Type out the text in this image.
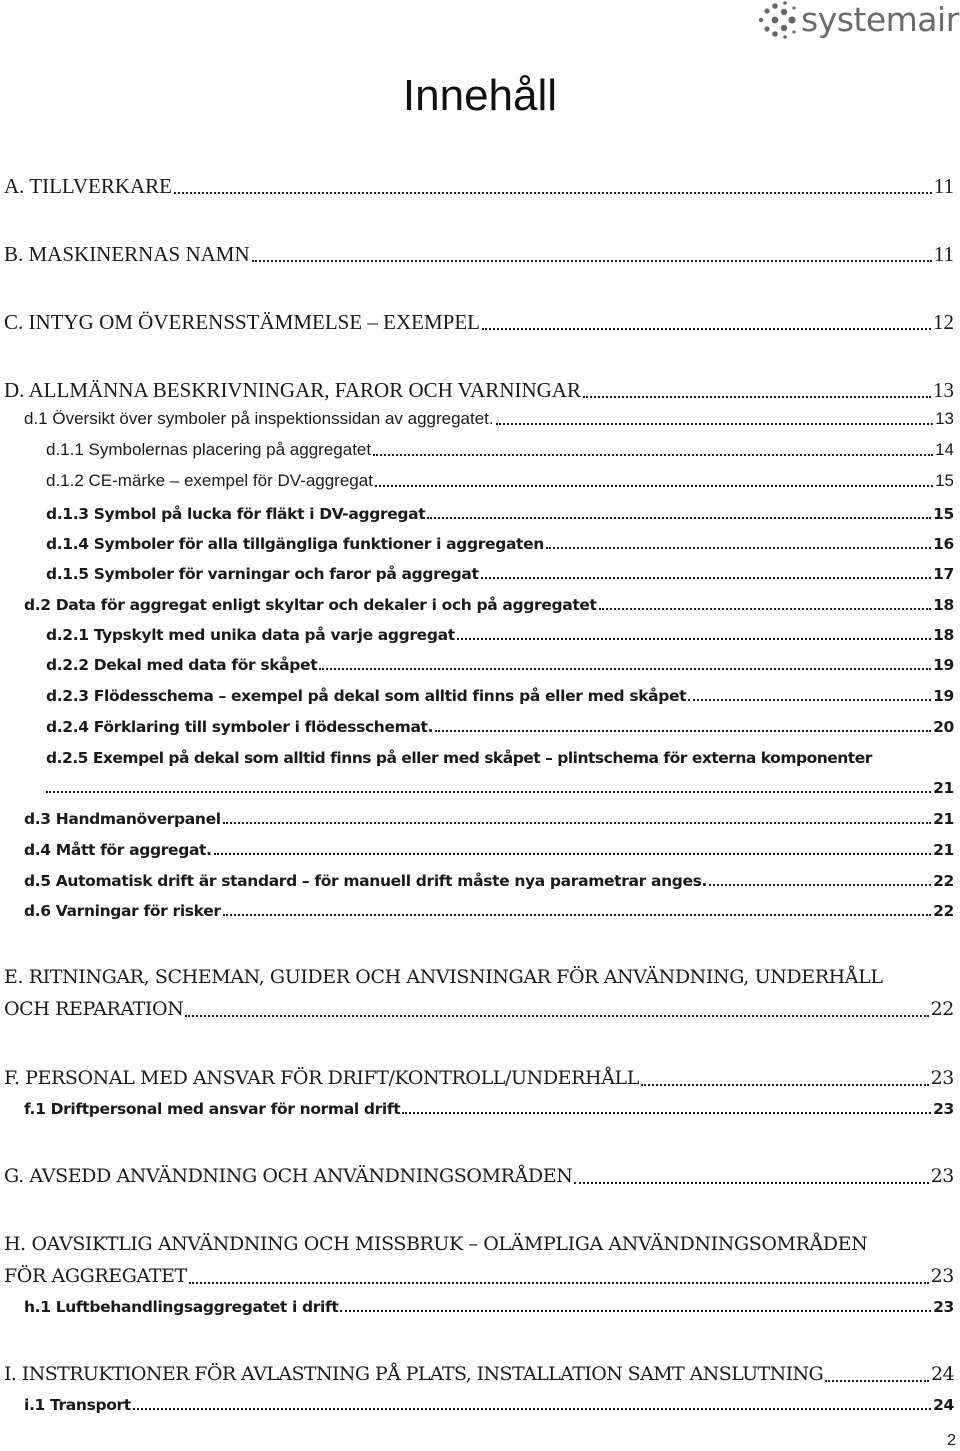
systemair
Innehåll
A. TILLVERKARE	11
B. MASKINERNAS NAMN	11
C. INTYG OM ÖVERENSSTÄMMELSE – EXEMPEL	12
D. ALLMÄNNA BESKRIVNINGAR, FAROR OCH VARNINGAR	13
d.1 Översikt över symboler på inspektionssidan av aggregatet.	13
d.1.1 Symbolernas placering på aggregatet	14
d.1.2 CE-märke – exempel för DV-aggregat	15
d.1.3 Symbol på lucka för fläkt i DV-aggregat	15
d.1.4 Symboler för alla tillgängliga funktioner i aggregaten	16
d.1.5 Symboler för varningar och faror på aggregat	17
d.2 Data för aggregat enligt skyltar och dekaler i och på aggregatet	18
d.2.1 Typskylt med unika data på varje aggregat	18
d.2.2 Dekal med data för skåpet	19
d.2.3 Flödesschema – exempel på dekal som alltid finns på eller med skåpet	19
d.2.4 Förklaring till symboler i flödesschemat.	20
d.2.5 Exempel på dekal som alltid finns på eller med skåpet – plintschema för externa komponenter
21
d.3 Handmanöverpanel	21
d.4 Mått för aggregat.	21
d.5 Automatisk drift är standard – för manuell drift måste nya parametrar anges.	22
d.6 Varningar för risker	22
E. RITNINGAR, SCHEMAN, GUIDER OCH ANVISNINGAR FÖR ANVÄNDNING, UNDERHÅLL
OCH REPARATION	22
F. PERSONAL MED ANSVAR FÖR DRIFT/KONTROLL/UNDERHÅLL	23
f.1 Driftpersonal med ansvar för normal drift	23
G. AVSEDD ANVÄNDNING OCH ANVÄNDNINGSOMRÅDEN	23
H. OAVSIKTLIG ANVÄNDNING OCH MISSBRUK – OLÄMPLIGA ANVÄNDNINGSOMRÅDEN
FÖR AGGREGATET	23
h.1 Luftbehandlingsaggregatet i drift	23
I. INSTRUKTIONER FÖR AVLASTNING PÅ PLATS, INSTALLATION SAMT ANSLUTNING	24
i.1 Transport	24
2
